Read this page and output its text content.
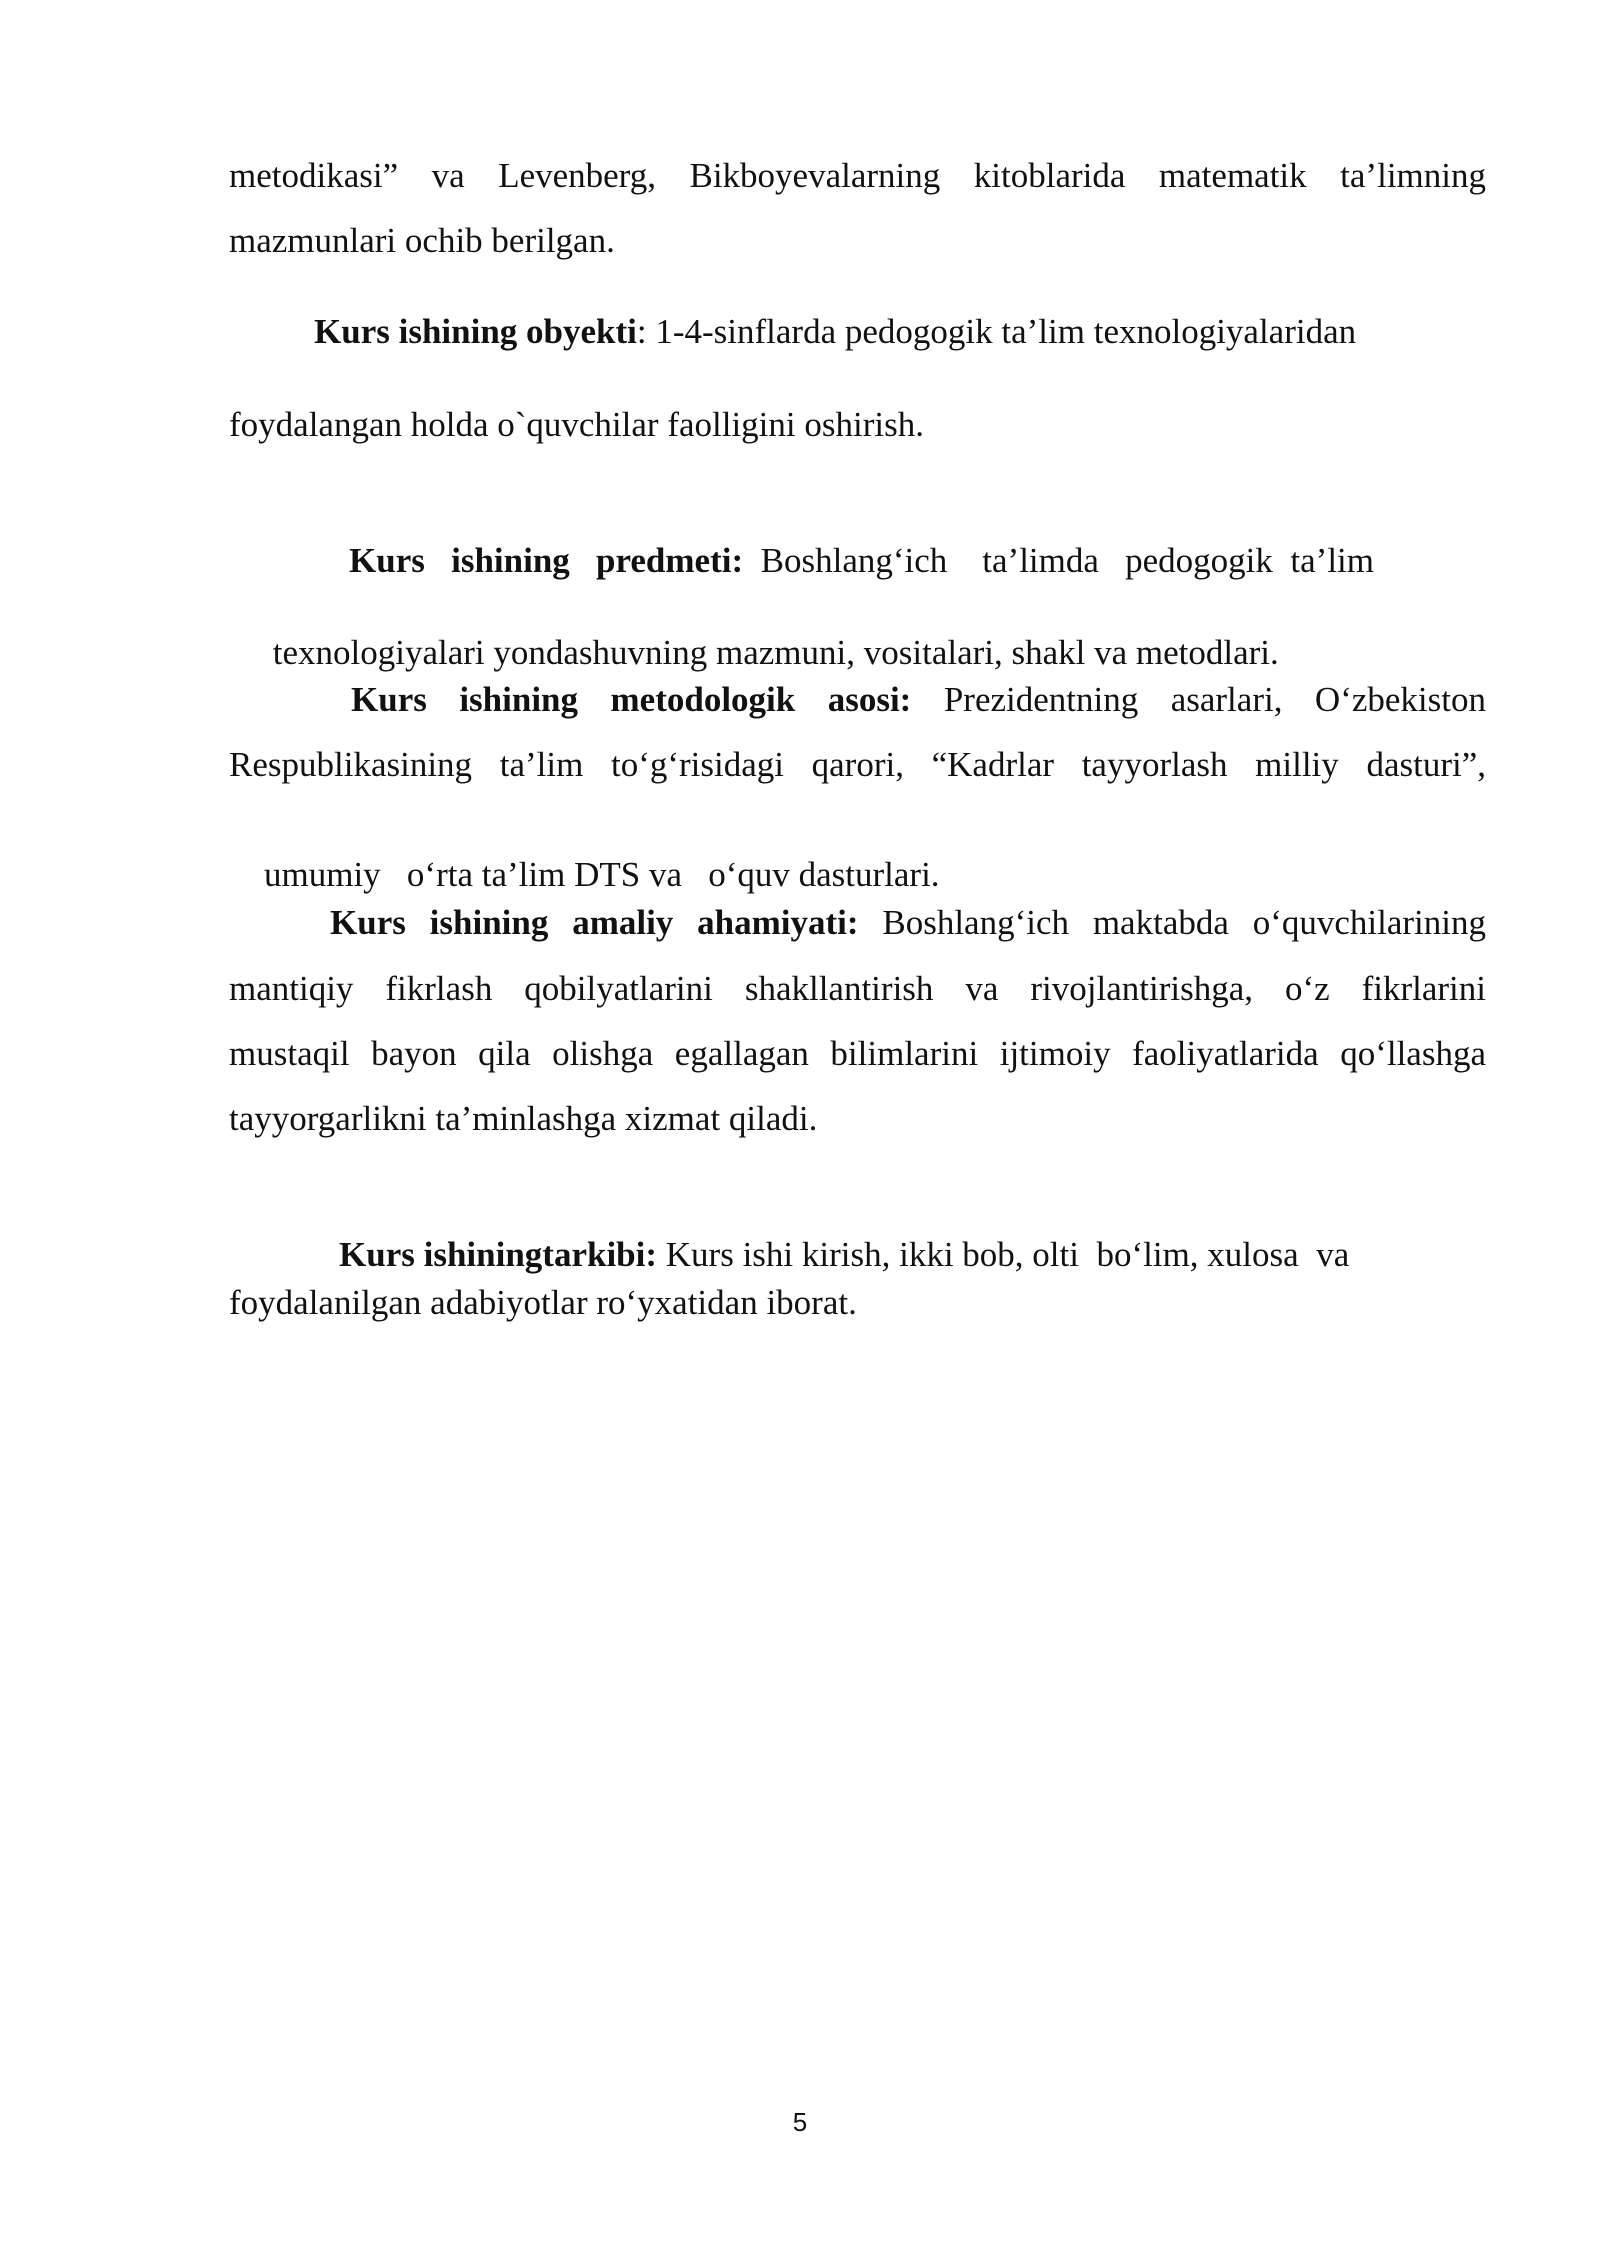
metodikasi” va Levenberg, Bikboyevalarning kitoblarida matematik ta’limning
mazmunlari ochib berilgan.
Kurs ishining obyekti: 1-4-sinflarda pedogogik ta’lim texnologiyalaridan
foydalangan holda o`quvchilar faolligini oshirish.

Kurs   ishining   predmeti:  Boshlang‘ich    ta’limda   pedogogik  ta’lim

texnologiyalari yondashuvning mazmuni, vositalari, shakl va metodlari.

Kurs ishining metodologik asosi: Prezidentning asarlari, O‘zbekiston
Respublikasining ta’lim to‘g‘risidagi qarori, “Kadrlar tayyorlash milliy dasturi”,

umumiy   o‘rta ta’lim DTS va   o‘quv dasturlari.

Kurs ishining amaliy ahamiyati: Boshlang‘ich maktabda o‘quvchilarining
mantiqiy fikrlash qobilyatlarini shakllantirish va rivojlantirishga, o‘z fikrlarini
mustaqil bayon qila olishga egallagan bilimlarini ijtimoiy faoliyatlarida qo‘llashga
tayyorgarlikni ta’minlashga xizmat qiladi.

Kurs ishiningtarkibi: Kurs ishi kirish, ikki bob, olti  bo‘lim, xulosa  va

foydalanilgan adabiyotlar ro‘yxatidan iborat.
5
